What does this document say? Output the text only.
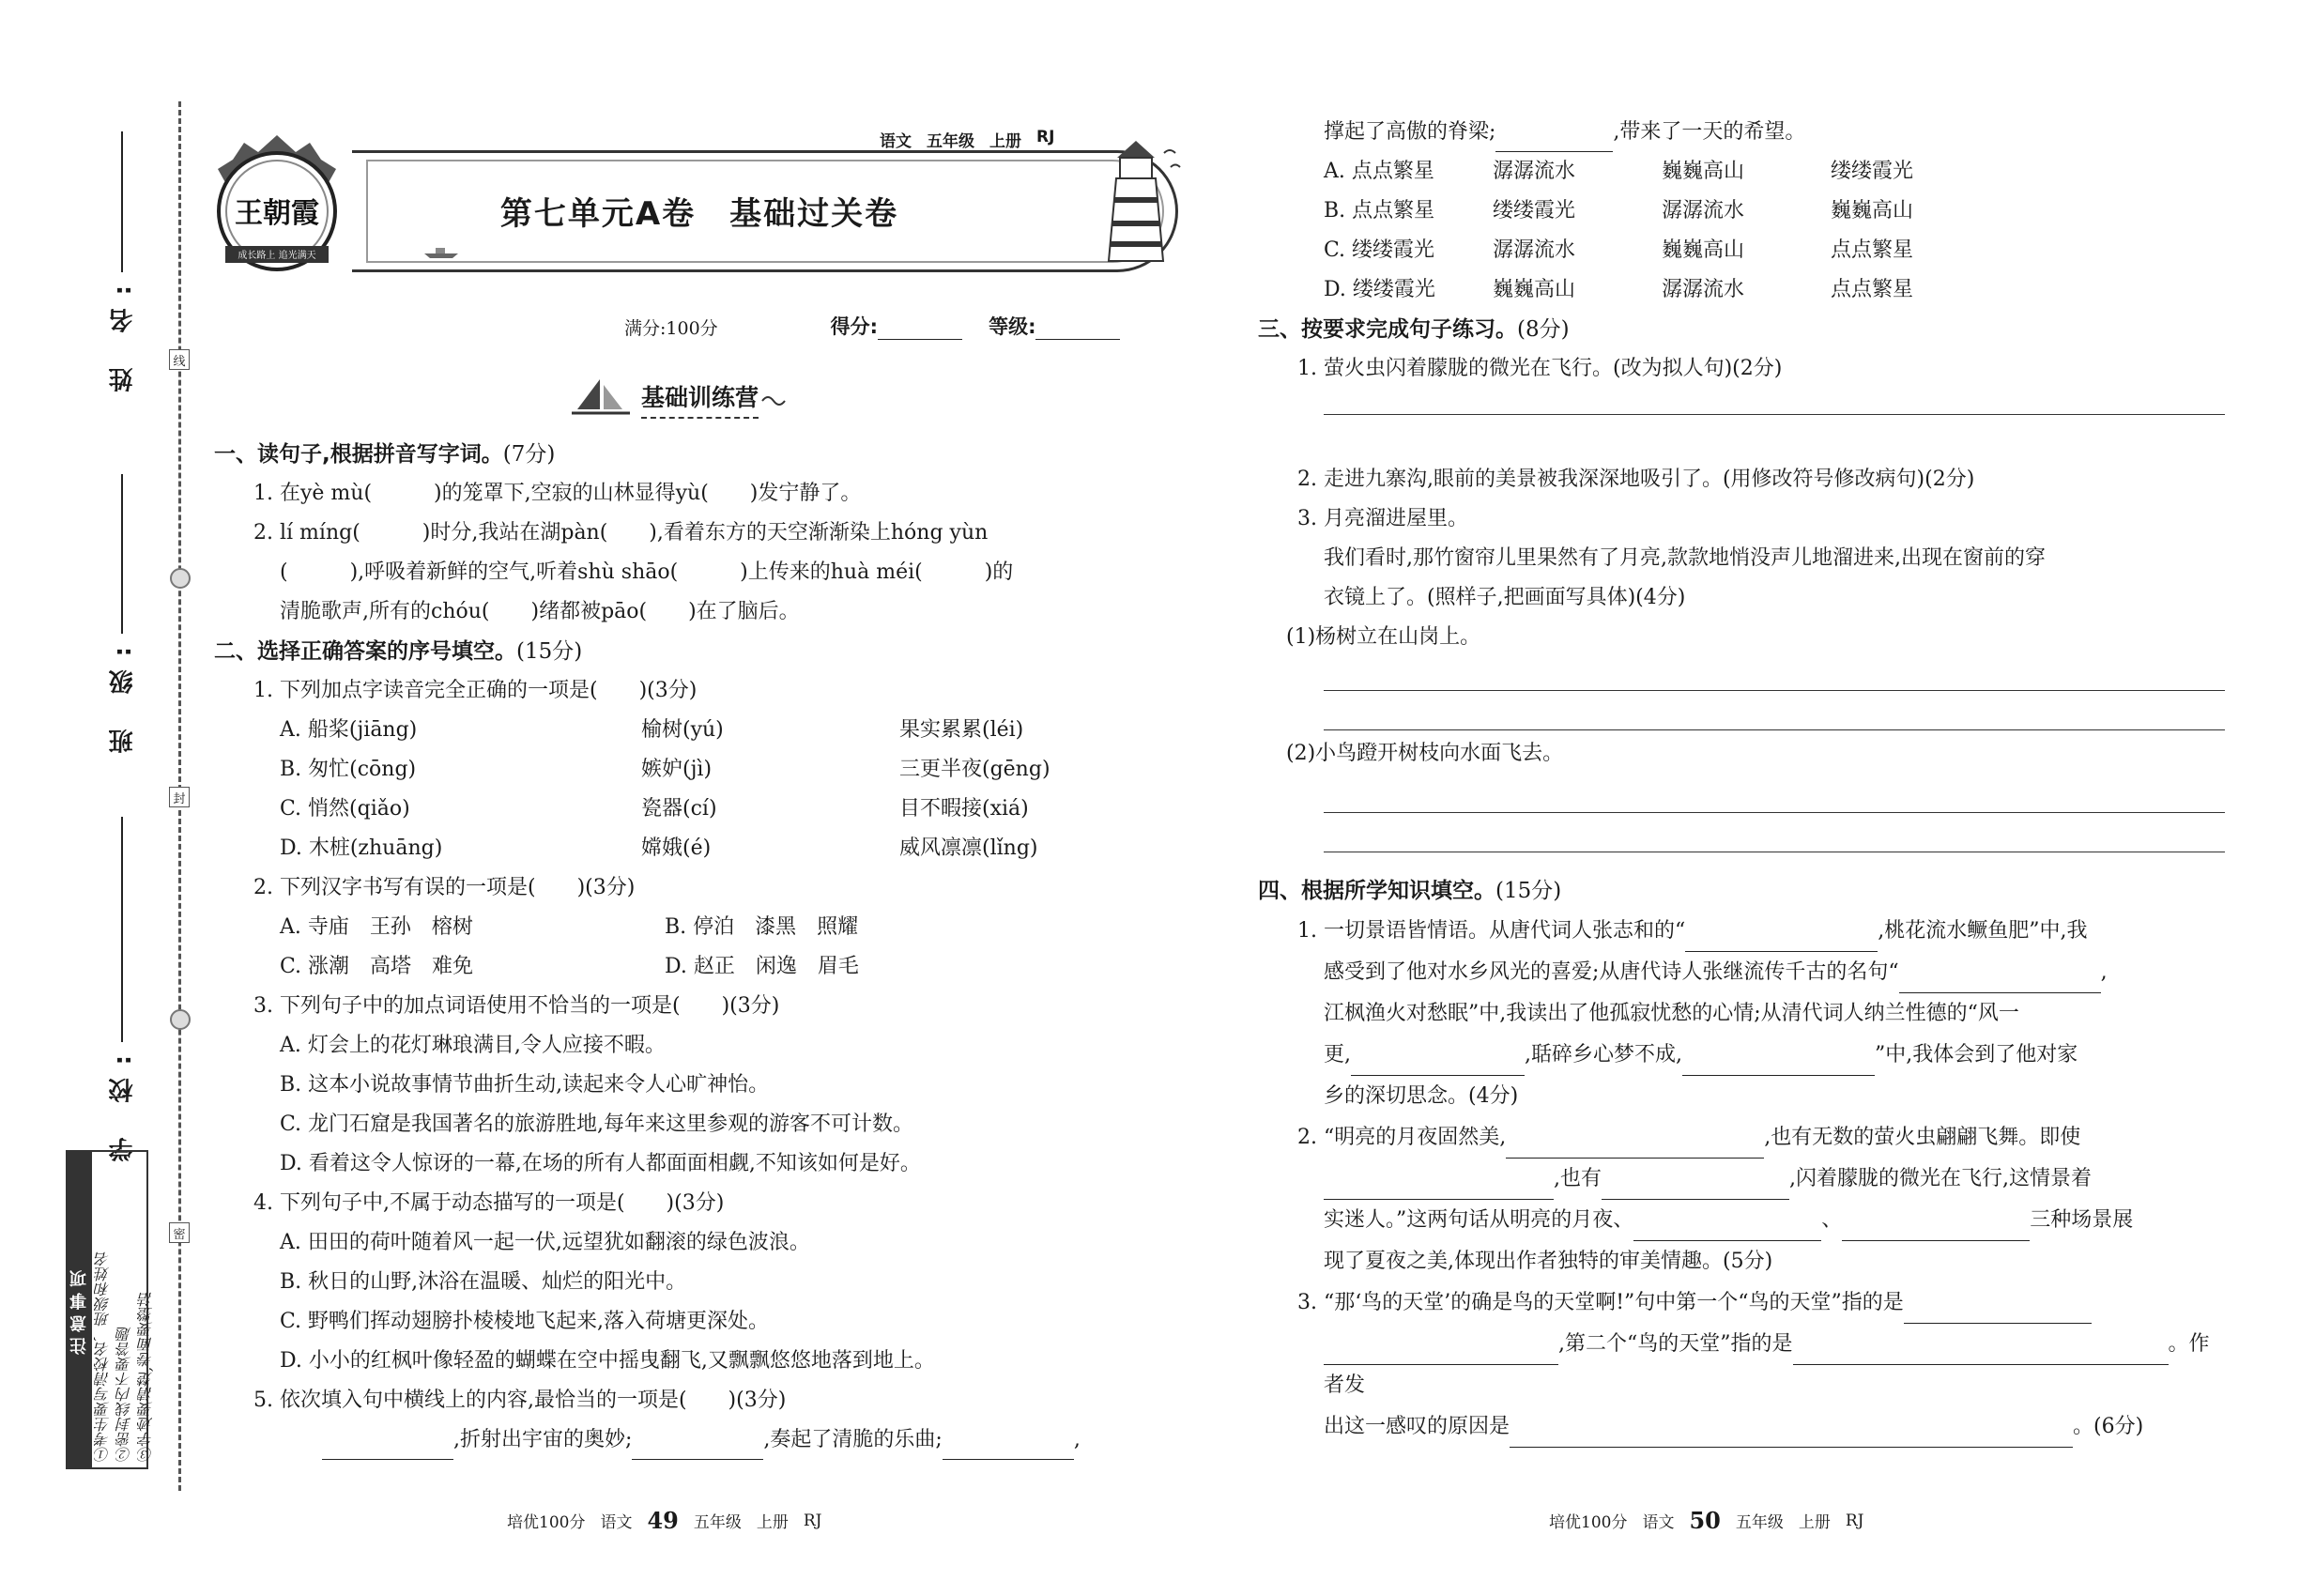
姓 名:
班 级:
学 校:
线
封
密
注意事项 ①考生要写清校名、班级和姓名 ②密封线内不要答题 ③字迹要清楚,卷面要整洁
王朝霞
成长路上 追光满天
语文 五年级 上册 RJ
第七单元A卷　基础过关卷
满分:100分	得分:	等级:
基础训练营
一、读句子,根据拼音写字词。(7分)
1. 在yè mù(　　　)的笼罩下,空寂的山林显得yù(　　)发宁静了。
2. lí míng(　　　)时分,我站在湖pàn(　　),看着东方的天空渐渐染上hóng yùn
(　　　),呼吸着新鲜的空气,听着shù shāo(　　　)上传来的huà méi(　　　)的
清脆歌声,所有的chóu(　　)绪都被pāo(　　)在了脑后。
二、选择正确答案的序号填空。(15分)
1. 下列加点字读音完全正确的一项是(　　)(3分)
A. 船桨(jiāng)	榆树(yú)	果实累累(léi)
B. 匆忙(cōng)	嫉妒(jì)	三更半夜(gēng)
C. 悄然(qiǎo)	瓷器(cí)	目不暇接(xiá)
D. 木桩(zhuāng)	嫦娥(é)	威风凛凛(lǐng)
2. 下列汉字书写有误的一项是(　　)(3分)
A. 寺庙　王孙　榕树	B. 停泊　漆黑　照耀
C. 涨潮　高塔　难免	D. 赵正　闲逸　眉毛
3. 下列句子中的加点词语使用不恰当的一项是(　　)(3分)
A. 灯会上的花灯琳琅满目,令人应接不暇。
B. 这本小说故事情节曲折生动,读起来令人心旷神怡。
C. 龙门石窟是我国著名的旅游胜地,每年来这里参观的游客不可计数。
D. 看着这令人惊讶的一幕,在场的所有人都面面相觑,不知该如何是好。
4. 下列句子中,不属于动态描写的一项是(　　)(3分)
A. 田田的荷叶随着风一起一伏,远望犹如翻滚的绿色波浪。
B. 秋日的山野,沐浴在温暖、灿烂的阳光中。
C. 野鸭们挥动翅膀扑棱棱地飞起来,落入荷塘更深处。
D. 小小的红枫叶像轻盈的蝴蝶在空中摇曳翻飞,又飘飘悠悠地落到地上。
5. 依次填入句中横线上的内容,最恰当的一项是(　　)(3分)
,折射出宇宙的奥妙;	,奏起了清脆的乐曲;	,
培优100分 语文 49 五年级 上册 RJ
撑起了高傲的脊梁;	,带来了一天的希望。
A. 点点繁星	潺潺流水	巍巍高山	缕缕霞光
B. 点点繁星	缕缕霞光	潺潺流水	巍巍高山
C. 缕缕霞光	潺潺流水	巍巍高山	点点繁星
D. 缕缕霞光	巍巍高山	潺潺流水	点点繁星
三、按要求完成句子练习。(8分)
1. 萤火虫闪着朦胧的微光在飞行。(改为拟人句)(2分)
2. 走进九寨沟,眼前的美景被我深深地吸引了。(用修改符号修改病句)(2分)
3. 月亮溜进屋里。
我们看时,那竹窗帘儿里果然有了月亮,款款地悄没声儿地溜进来,出现在窗前的穿
衣镜上了。(照样子,把画面写具体)(4分)
(1)杨树立在山岗上。
(2)小鸟蹬开树枝向水面飞去。
四、根据所学知识填空。(15分)
1. 一切景语皆情语。从唐代词人张志和的“	,桃花流水鳜鱼肥”中,我
感受到了他对水乡风光的喜爱;从唐代诗人张继流传千古的名句“	,
江枫渔火对愁眠”中,我读出了他孤寂忧愁的心情;从清代词人纳兰性德的“风一
更,	,聒碎乡心梦不成,	”中,我体会到了他对家
乡的深切思念。(4分)
2. “明亮的月夜固然美,	,也有无数的萤火虫翩翩飞舞。即使
,也有	,闪着朦胧的微光在飞行,这情景着
实迷人。”这两句话从明亮的月夜、	、	三种场景展
现了夏夜之美,体现出作者独特的审美情趣。(5分)
3. “那‘鸟的天堂’的确是鸟的天堂啊!”句中第一个“鸟的天堂”指的是
,第二个“鸟的天堂”指的是	。作者发
出这一感叹的原因是	。(6分)
培优100分 语文 50 五年级 上册 RJ
